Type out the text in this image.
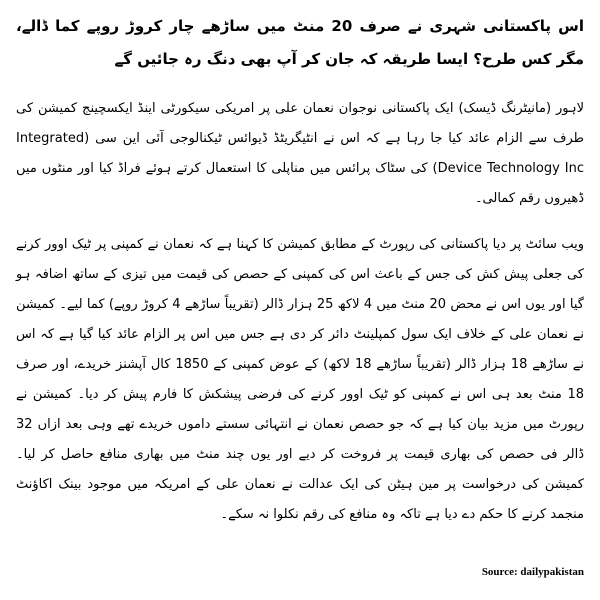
اس پاکستانی شہری نے صرف 20 منٹ میں ساڑھے چار کروڑ روپے کما ڈالے، مگر کس طرح؟ ایسا طریقہ کہ جان کر آپ بھی دنگ رہ جائیں گے
لاہور (مانیٹرنگ ڈیسک) ایک پاکستانی نوجوان نعمان علی پر امریکی سیکورٹی اینڈ ایکسچینج کمیشن کی طرف سے الزام عائد کیا جا رہا ہے کہ اس نے انٹیگریٹڈ ڈیوائس ٹیکنالوجی آئی این سی (Integrated Device Technology Inc) کی سٹاک پرائس میں مناپلی کا استعمال کرتے ہوئے فراڈ کیا اور منٹوں میں ڈھیروں رقم کمالی۔
ویب سائٹ پر دیا پاکستانی کی رپورٹ کے مطابق کمیشن کا کہنا ہے کہ نعمان نے کمپنی پر ٹیک اوور کرنے کی جعلی پیش کش کی جس کے باعث اس کی کمپنی کے حصص کی قیمت میں تیزی کے ساتھ اضافہ ہو گیا اور یوں اس نے محض 20 منٹ میں 4 لاکھ 25 ہزار ڈالر (تقریباً ساڑھے 4 کروڑ روپے) کما لیے۔ کمیشن نے نعمان علی کے خلاف ایک سول کمپلینٹ دائر کر دی ہے جس میں اس پر الزام عائد کیا گیا ہے کہ اس نے ساڑھے 18 ہزار ڈالر (تقریباً ساڑھے 18 لاکھ) کے عوض کمپنی کے 1850 کال آپشنز خریدے، اور صرف 18 منٹ بعد ہی اس نے کمپنی کو ٹیک اوور کرنے کی فرضی پیشکش کا فارم پیش کر دیا۔ کمیشن نے رپورٹ میں مزید بیان کیا ہے کہ جو حصص نعمان نے انتہائی سستے داموں خریدے تھے وہی بعد ازاں 32 ڈالر فی حصص کی بھاری قیمت پر فروخت کر دیے اور یوں چند منٹ میں بھاری منافع حاصل کر لیا۔ کمیشن کی درخواست پر مین ہیٹن کی ایک عدالت نے نعمان علی کے امریکہ میں موجود بینک اکاؤنٹ منجمد کرنے کا حکم دے دیا ہے تاکہ وہ منافع کی رقم نکلوا نہ سکے۔
Source: dailypakistan
